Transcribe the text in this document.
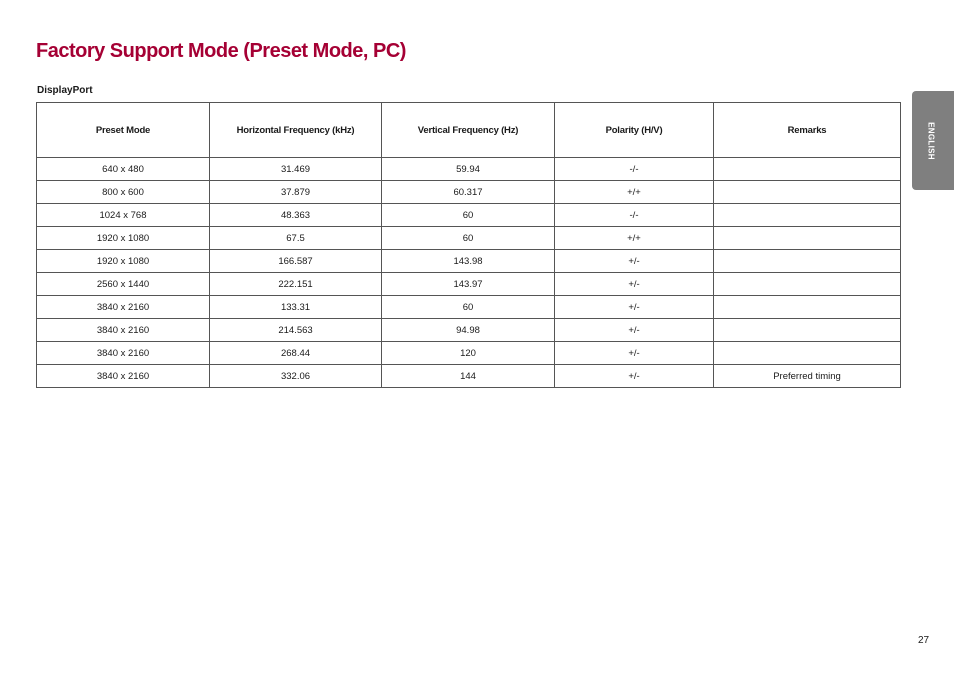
Factory Support Mode (Preset Mode, PC)
DisplayPort
Preset Mode	Horizontal Frequency (kHz)	Vertical Frequency (Hz)	Polarity (H/V)	Remarks
640 x 480	31.469	59.94	-/-	
800 x 600	37.879	60.317	+/+	
1024 x 768	48.363	60	-/-	
1920 x 1080	67.5	60	+/+	
1920 x 1080	166.587	143.98	+/-	
2560 x 1440	222.151	143.97	+/-	
3840 x 2160	133.31	60	+/-	
3840 x 2160	214.563	94.98	+/-	
3840 x 2160	268.44	120	+/-	
3840 x 2160	332.06	144	+/-	Preferred timing
ENGLISH
27
